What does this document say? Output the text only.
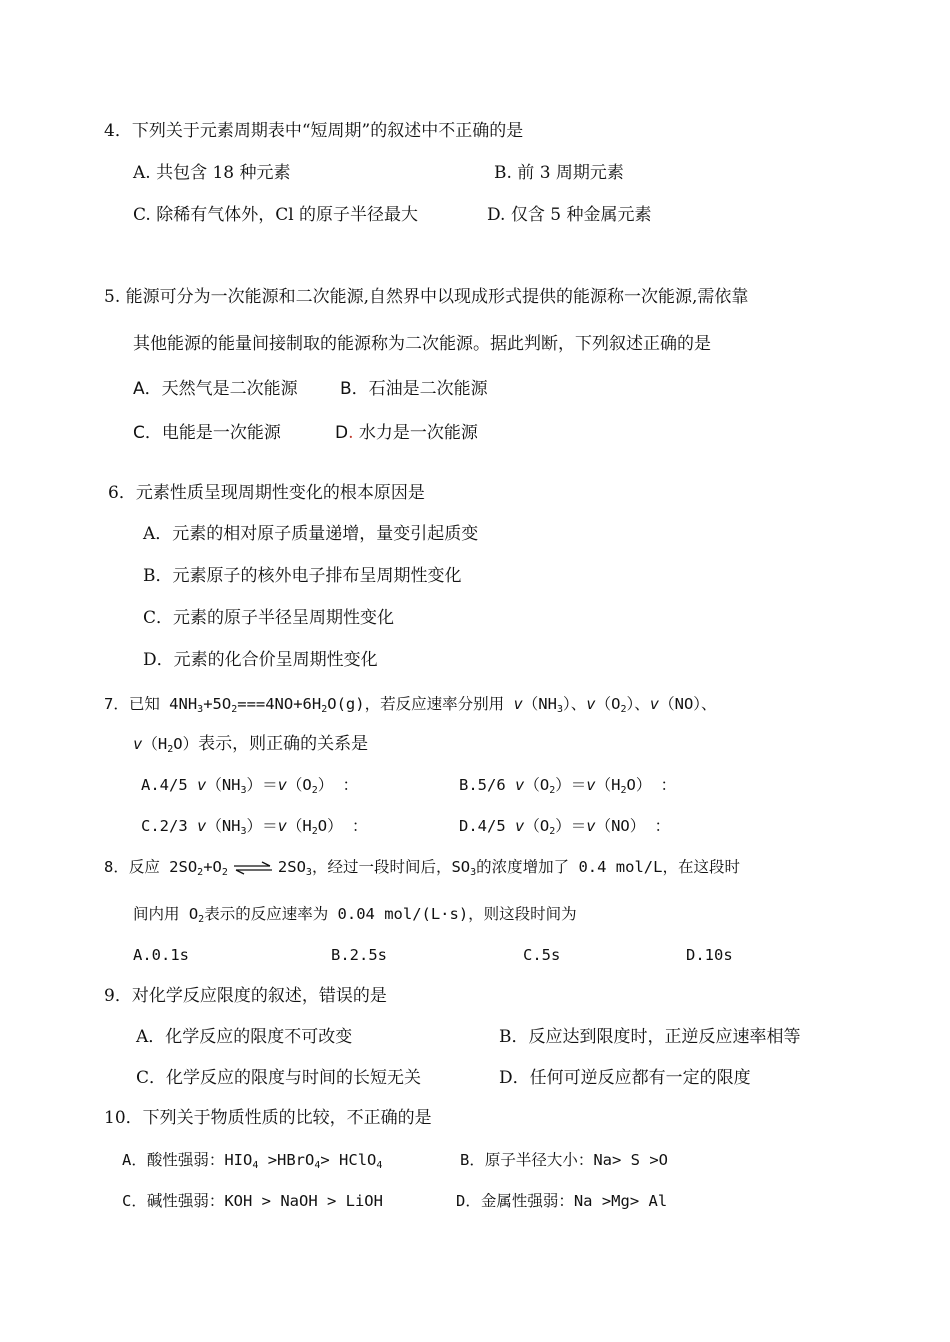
4．下列关于元素周期表中“短周期”的叙述中不正确的是
A. 共包含 18 种元素	B. 前 3 周期元素
C. 除稀有气体外，Cl 的原子半径最大	D. 仅含 5 种金属元素
5. 能源可分为一次能源和二次能源,自然界中以现成形式提供的能源称一次能源,需依靠
其他能源的能量间接制取的能源称为二次能源。据此判断，下列叙述正确的是
A．天然气是二次能源 B．石油是二次能源
C．电能是一次能源	D. 水力是一次能源
6．元素性质呈现周期性变化的根本原因是
A．元素的相对原子质量递增，量变引起质变
B．元素原子的核外电子排布呈周期性变化
C．元素的原子半径呈周期性变化
D．元素的化合价呈周期性变化
7．已知 $4NH_3+5O_2===4NO+6H_2O(g)$，若反应速率分别用 $v(NH_3)$、$v(O_2)$、v（NO）、
$v(H_2O)$表示，则正确的关系是
A.4/5 $v(NH_3)=v(O_2)$ ：	B.5/6 $v(O_2)=v(H_2O)$ ：
C.2/3 $v(NH_3)=v(H_2O)$ ：	D.4/5 $v(O_2)=v(NO)$ ：
8．反应 $2SO_2+O_2$ ⇌ $2SO_3$，经过一段时间后，$SO_3$的浓度增加了 0.4 mol/L，在这段时
间内用 $O_2$表示的反应速率为 0.04 mol/(L·s)，则这段时间为
A.0.1s	B.2.5s	C.5s	D.10s
9．对化学反应限度的叙述，错误的是
A．化学反应的限度不可改变	B．反应达到限度时，正逆反应速率相等
C．化学反应的限度与时间的长短无关	D．任何可逆反应都有一定的限度
10．下列关于物质性质的比较，不正确的是
A．酸性强弱：$HIO_4$ >HBrO$_4$> HClO$_4$	B．原子半径大小：Na> S >O
C．碱性强弱：KOH > NaOH > LiOH	D．金属性强弱：Na >Mg> Al
